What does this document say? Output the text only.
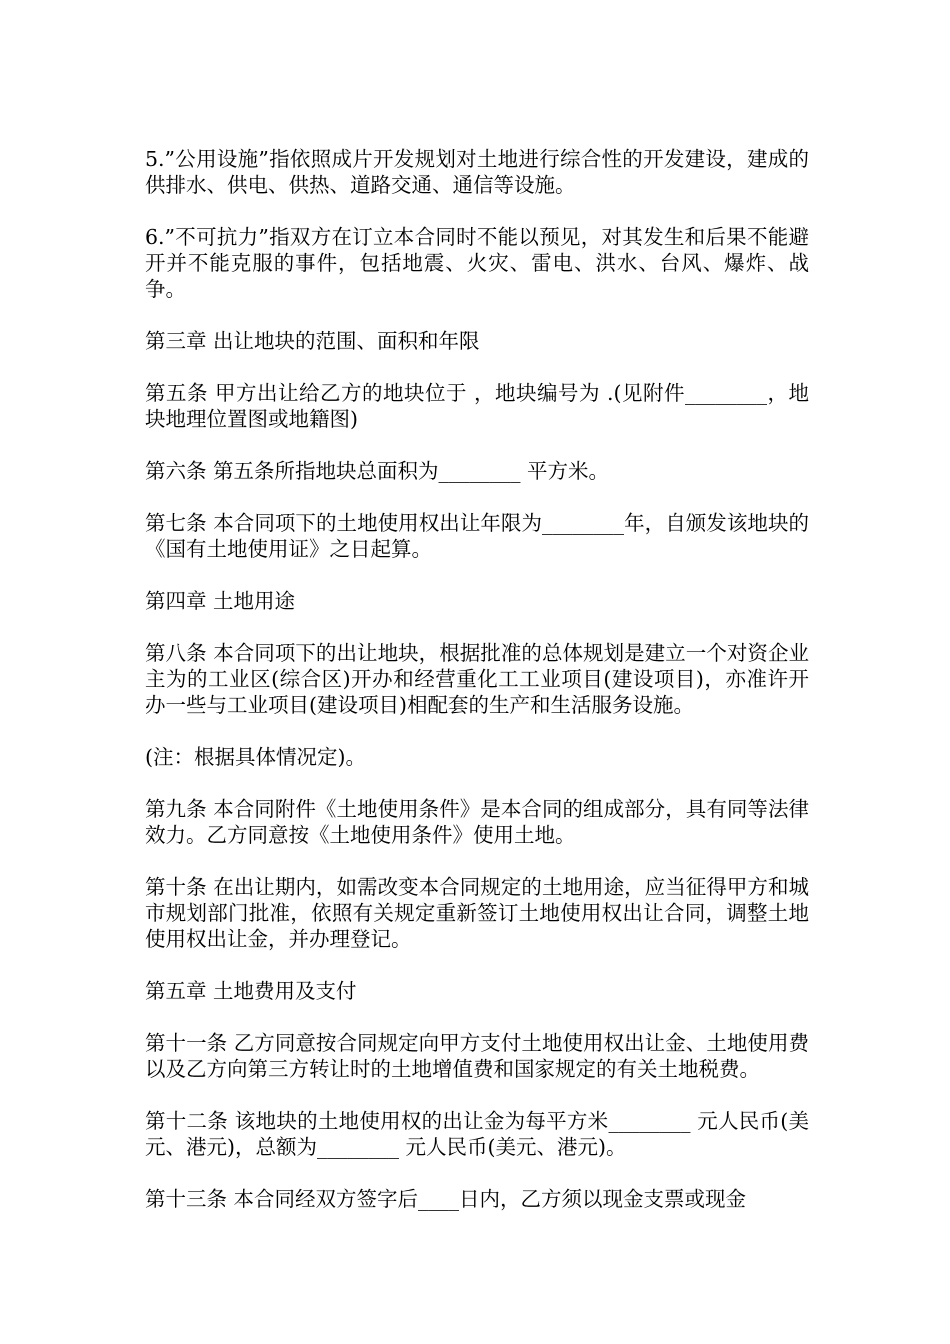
5.”公用设施”指依照成片开发规划对土地进行综合性的开发建设，建成的供排水、供电、供热、道路交通、通信等设施。

6.”不可抗力”指双方在订立本合同时不能以预见，对其发生和后果不能避开并不能克服的事件，包括地震、火灾、雷电、洪水、台风、爆炸、战争。

第三章 出让地块的范围、面积和年限

第五条 甲方出让给乙方的地块位于 ，地块编号为 .(见附件________，地块地理位置图或地籍图)

第六条 第五条所指地块总面积为________ 平方米。

第七条 本合同项下的土地使用权出让年限为________年，自颁发该地块的《国有土地使用证》之日起算。

第四章 土地用途

第八条 本合同项下的出让地块，根据批准的总体规划是建立一个对资企业主为的工业区(综合区)开办和经营重化工工业项目(建设项目)，亦准许开办一些与工业项目(建设项目)相配套的生产和生活服务设施。

(注：根据具体情况定)。

第九条 本合同附件《土地使用条件》是本合同的组成部分，具有同等法律效力。乙方同意按《土地使用条件》使用土地。

第十条 在出让期内，如需改变本合同规定的土地用途，应当征得甲方和城市规划部门批准，依照有关规定重新签订土地使用权出让合同，调整土地使用权出让金，并办理登记。

第五章 土地费用及支付

第十一条 乙方同意按合同规定向甲方支付土地使用权出让金、土地使用费以及乙方向第三方转让时的土地增值费和国家规定的有关土地税费。

第十二条 该地块的土地使用权的出让金为每平方米________ 元人民币(美元、港元)，总额为________ 元人民币(美元、港元)。

第十三条 本合同经双方签字后____日内，乙方须以现金支票或现金
